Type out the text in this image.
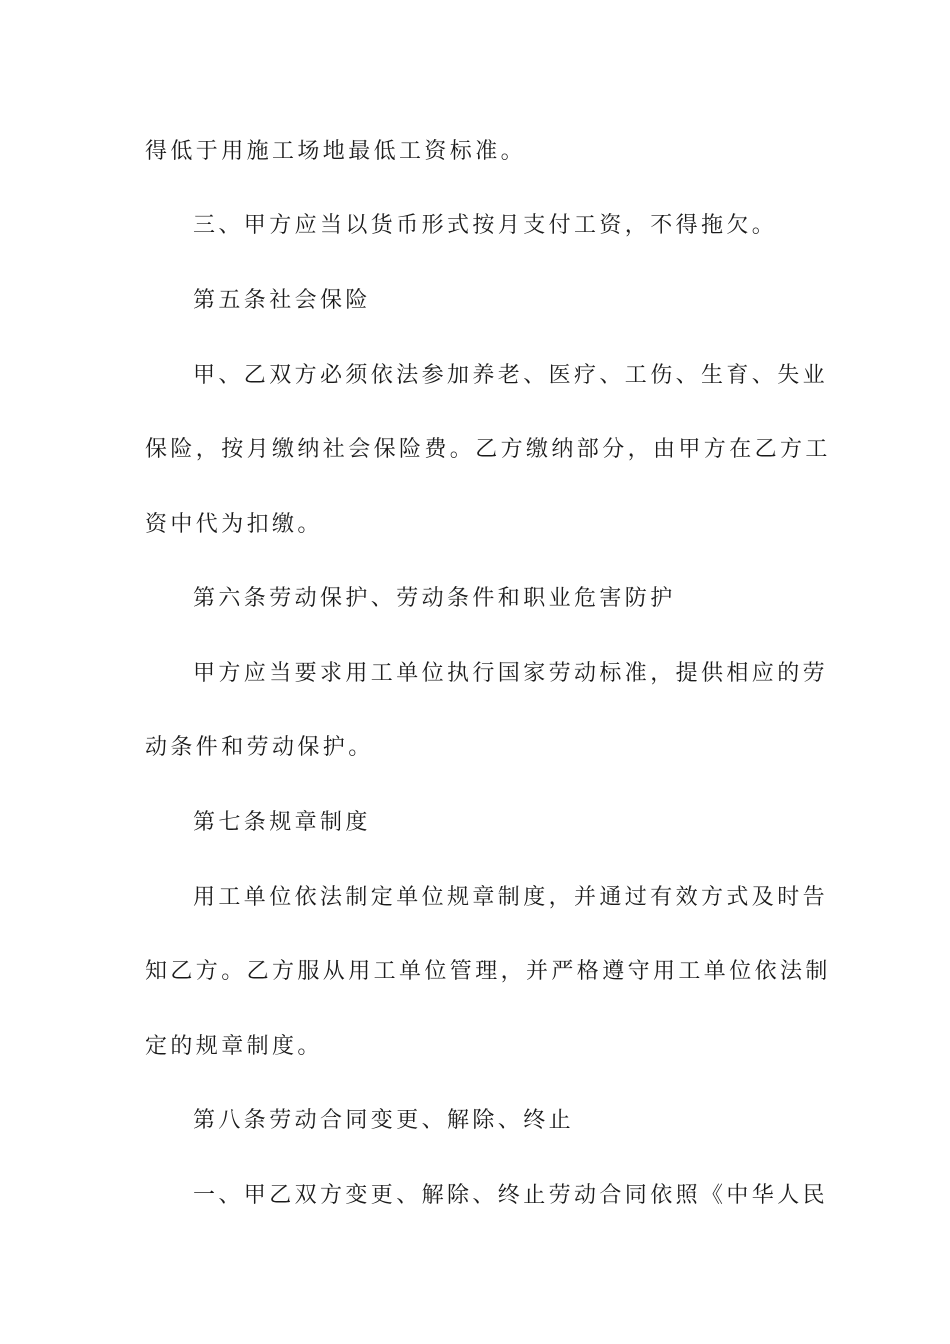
得低于用施工场地最低工资标准。
三、甲方应当以货币形式按月支付工资，不得拖欠。
第五条社会保险
甲、乙双方必须依法参加养老、医疗、工伤、生育、失业
保险，按月缴纳社会保险费。乙方缴纳部分，由甲方在乙方工
资中代为扣缴。
第六条劳动保护、劳动条件和职业危害防护
甲方应当要求用工单位执行国家劳动标准，提供相应的劳
动条件和劳动保护。
第七条规章制度
用工单位依法制定单位规章制度，并通过有效方式及时告
知乙方。乙方服从用工单位管理，并严格遵守用工单位依法制
定的规章制度。
第八条劳动合同变更、解除、终止
一、甲乙双方变更、解除、终止劳动合同依照《中华人民
